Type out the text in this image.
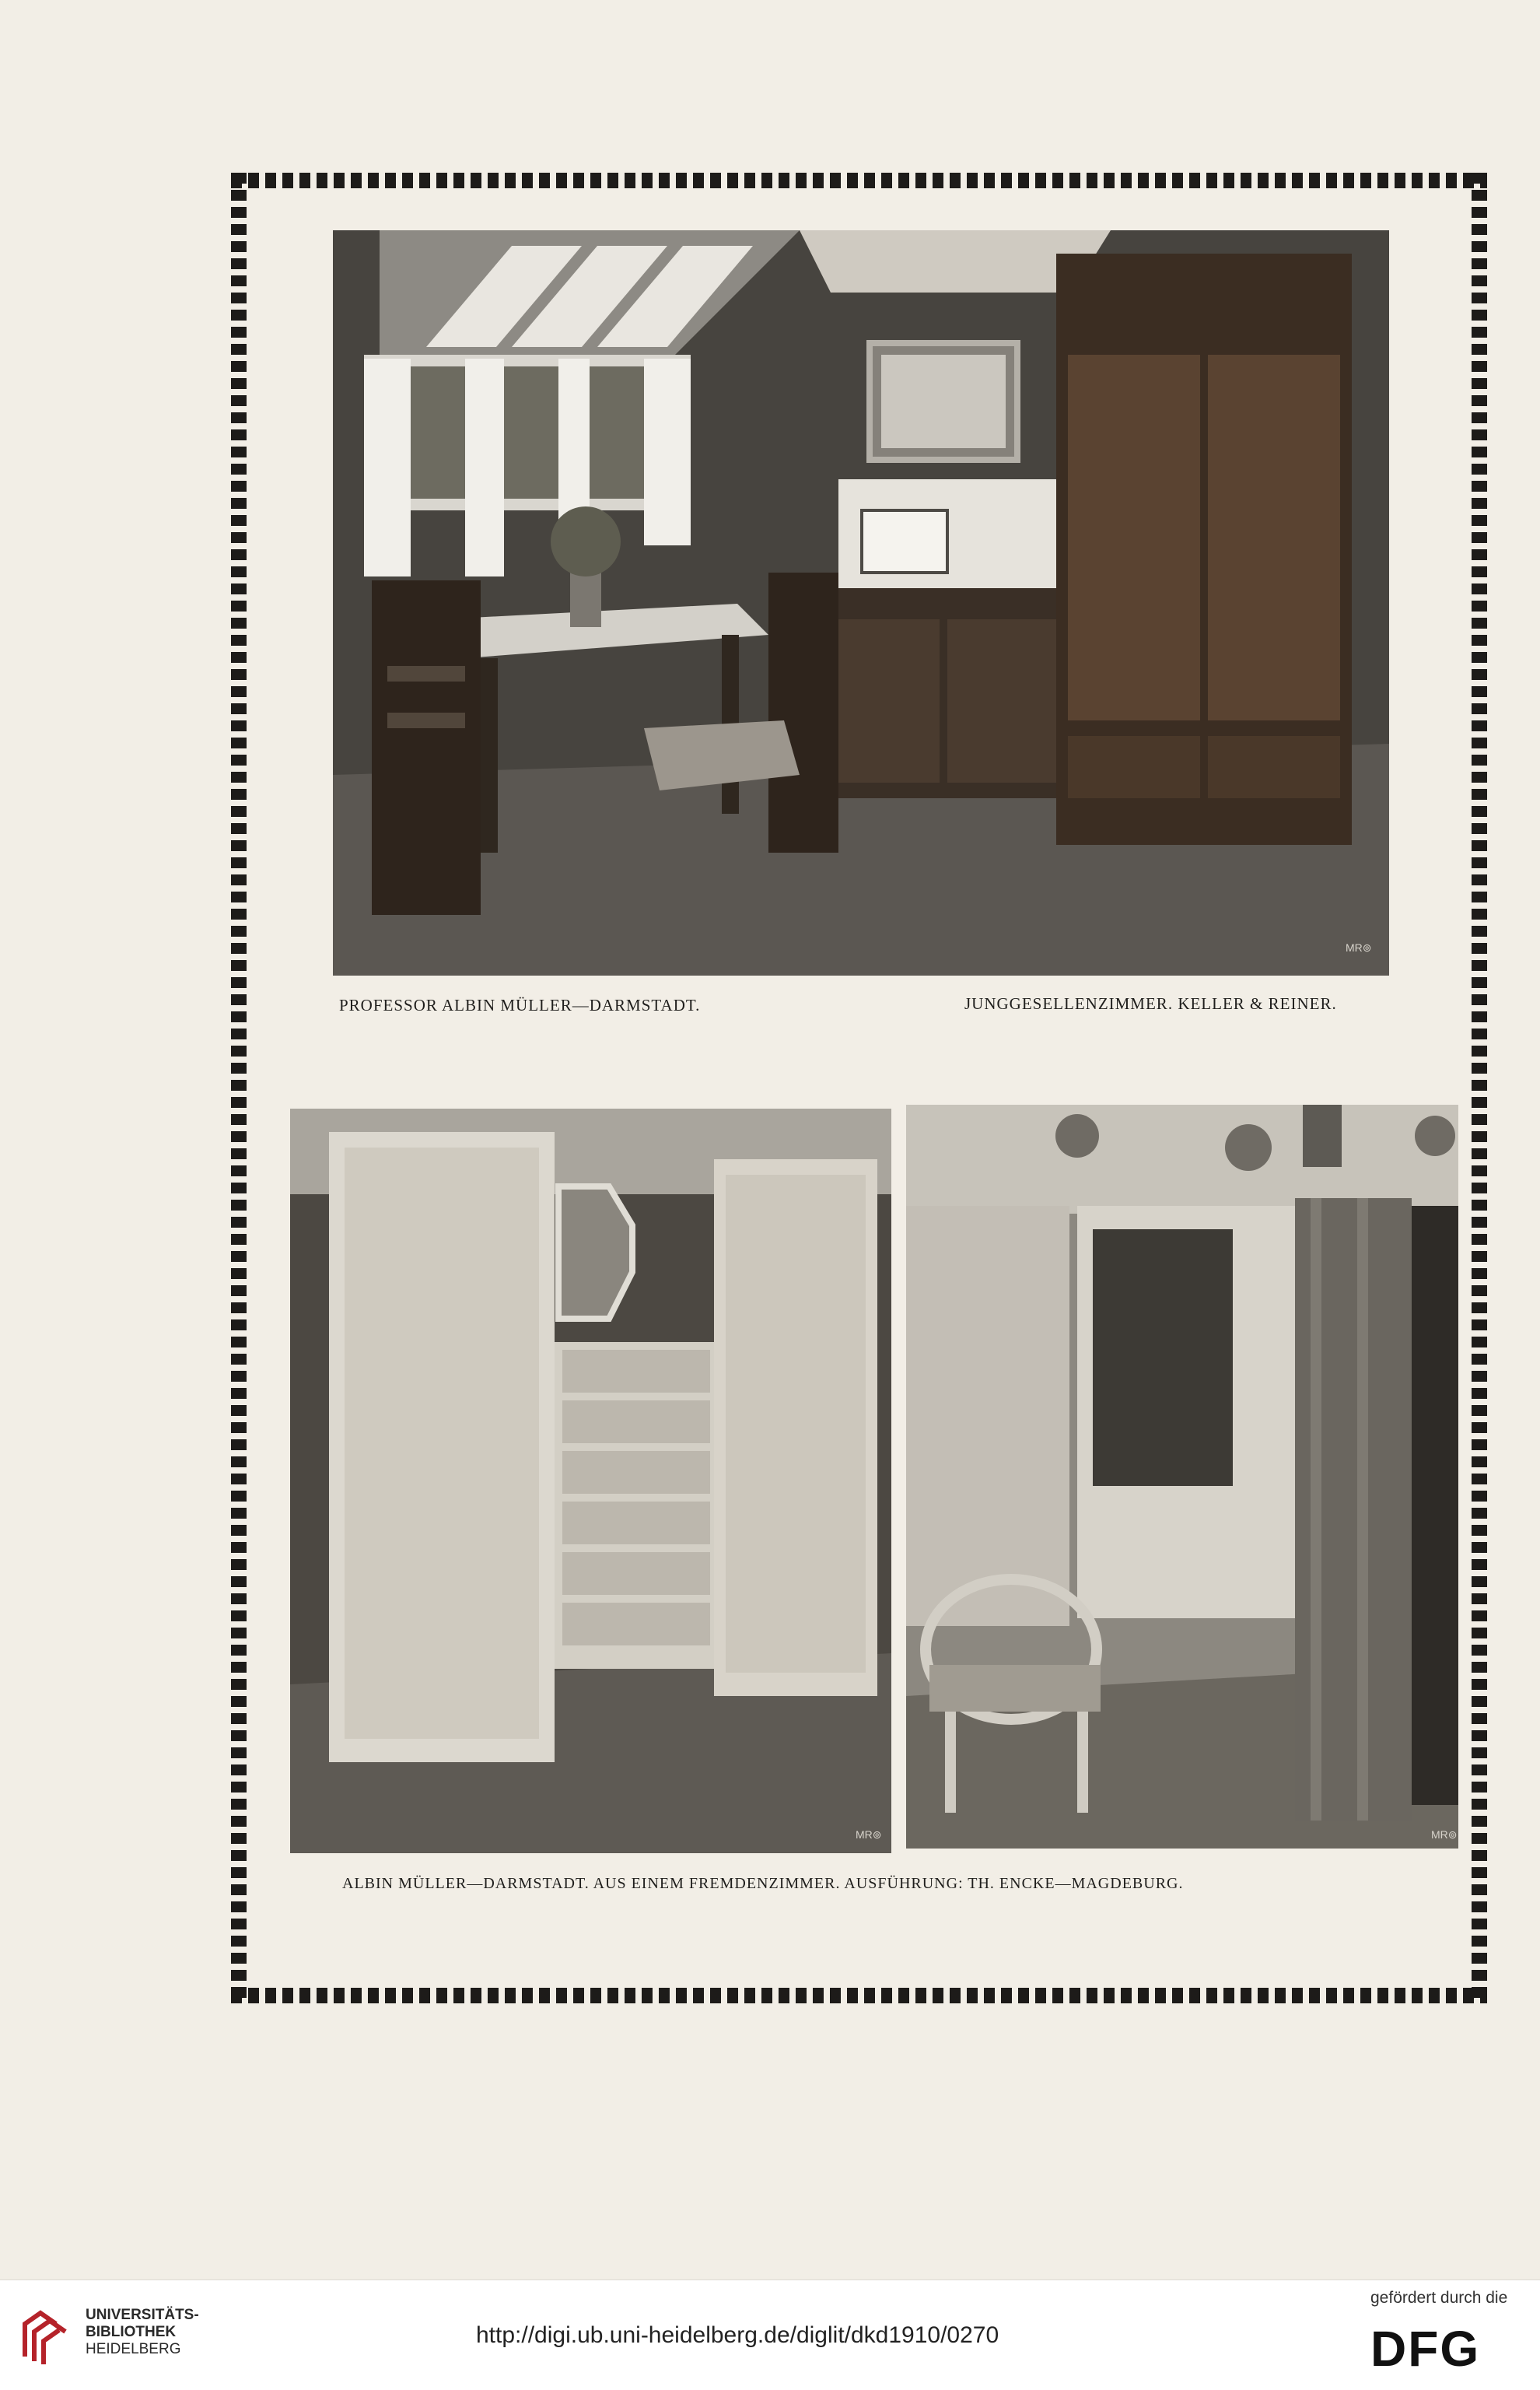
MR⊚
PROFESSOR ALBIN MÜLLER—DARMSTADT.	JUNGGESELLENZIMMER. KELLER & REINER.
MR⊚	MR⊚
ALBIN MÜLLER—DARMSTADT. AUS EINEM FREMDENZIMMER. AUSFÜHRUNG: TH. ENCKE—MAGDEBURG.
UNIVERSITÄTS-
BIBLIOTHEK
HEIDELBERG
http://digi.ub.uni-heidelberg.de/diglit/dkd1910/0270
gefördert durch die
DFG
